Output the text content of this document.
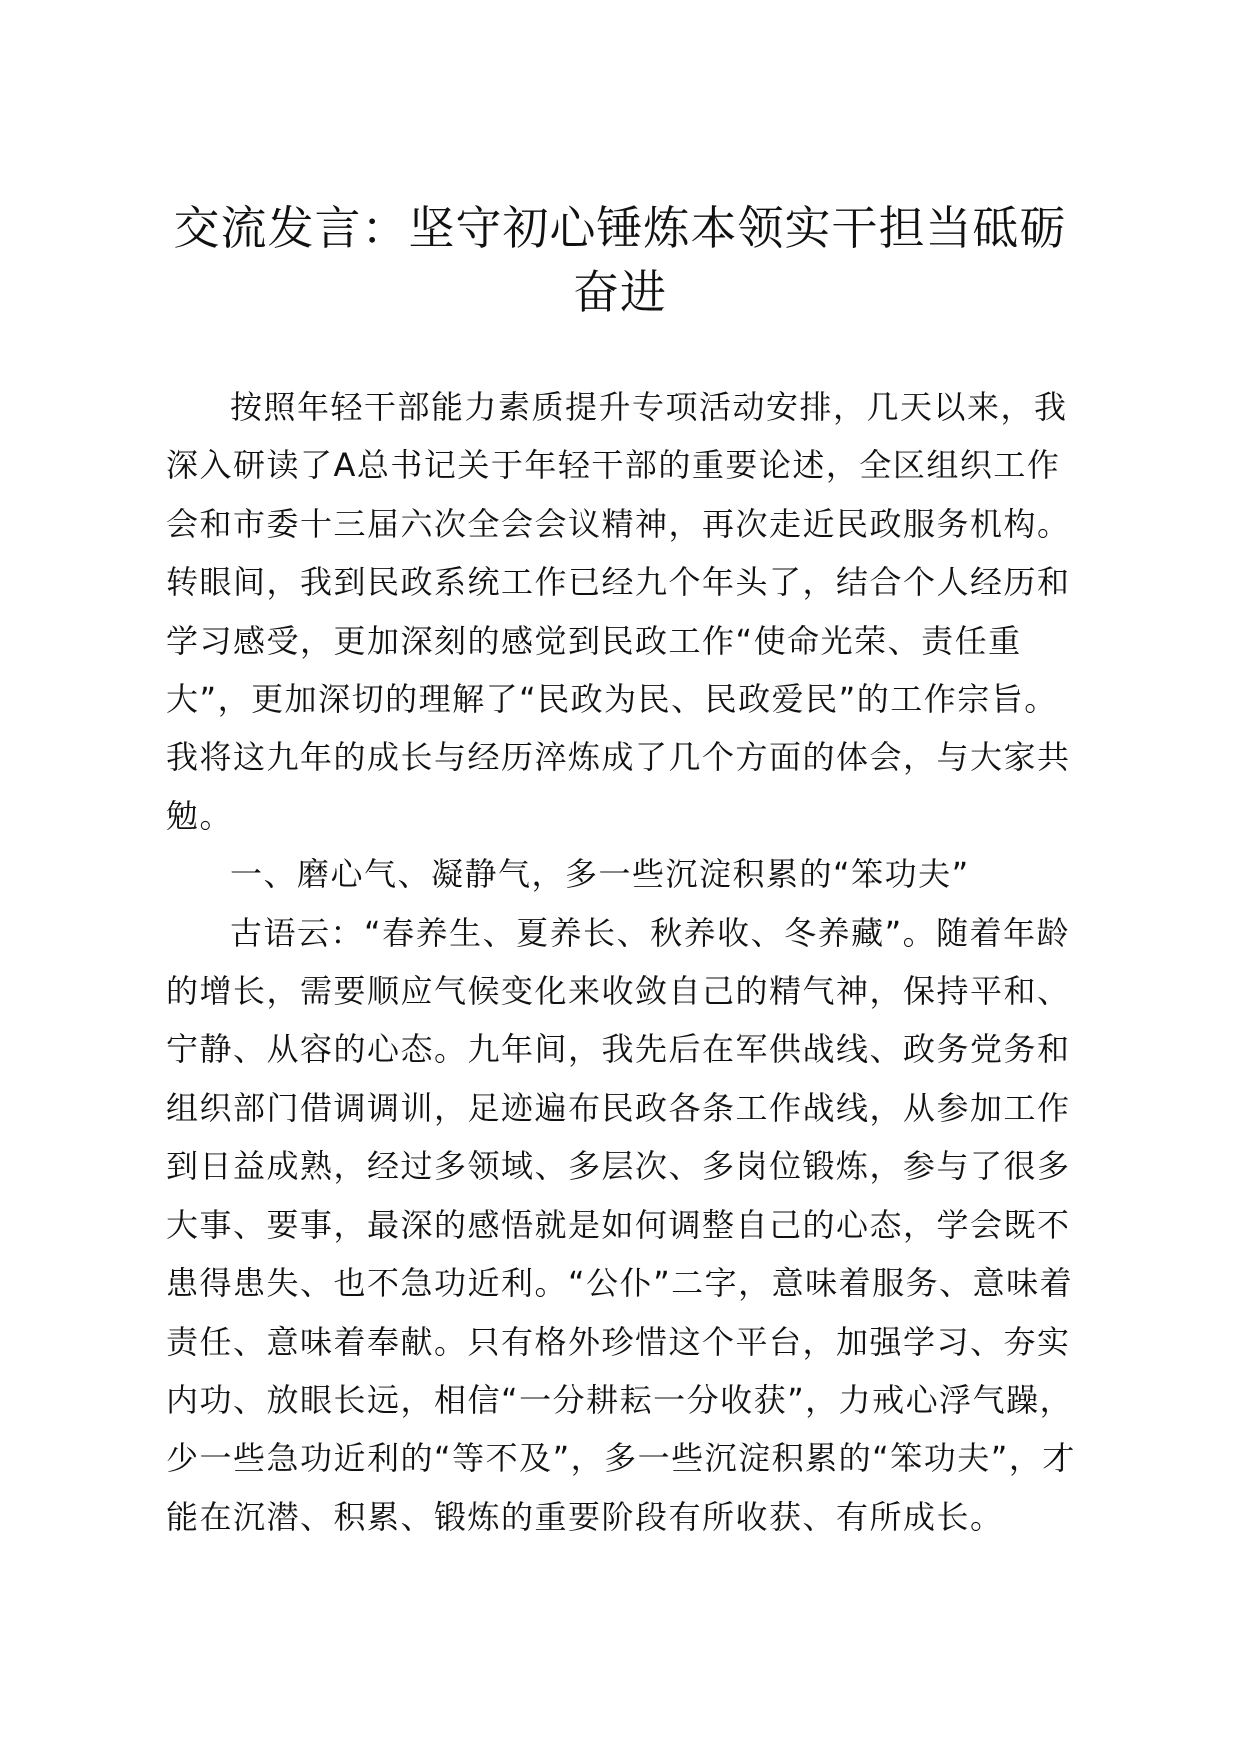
交流发言：坚守初心锤炼本领实干担当砥砺奋进

按照年轻干部能力素质提升专项活动安排，几天以来，我深入研读了A总书记关于年轻干部的重要论述，全区组织工作会和市委十三届六次全会会议精神，再次走近民政服务机构。转眼间，我到民政系统工作已经九个年头了，结合个人经历和学习感受，更加深刻的感觉到民政工作“使命光荣、责任重大”，更加深切的理解了“民政为民、民政爱民”的工作宗旨。我将这九年的成长与经历淬炼成了几个方面的体会，与大家共勉。

一、磨心气、凝静气，多一些沉淀积累的“笨功夫”

古语云：“春养生、夏养长、秋养收、冬养藏”。随着年龄的增长，需要顺应气候变化来收敛自己的精气神，保持平和、宁静、从容的心态。九年间，我先后在军供战线、政务党务和组织部门借调调训，足迹遍布民政各条工作战线，从参加工作到日益成熟，经过多领域、多层次、多岗位锻炼，参与了很多大事、要事，最深的感悟就是如何调整自己的心态，学会既不患得患失、也不急功近利。“公仆”二字，意味着服务、意味着责任、意味着奉献。只有格外珍惜这个平台，加强学习、夯实内功、放眼长远，相信“一分耕耘一分收获”，力戒心浮气躁，少一些急功近利的“等不及”，多一些沉淀积累的“笨功夫”，才能在沉潜、积累、锻炼的重要阶段有所收获、有所成长。
